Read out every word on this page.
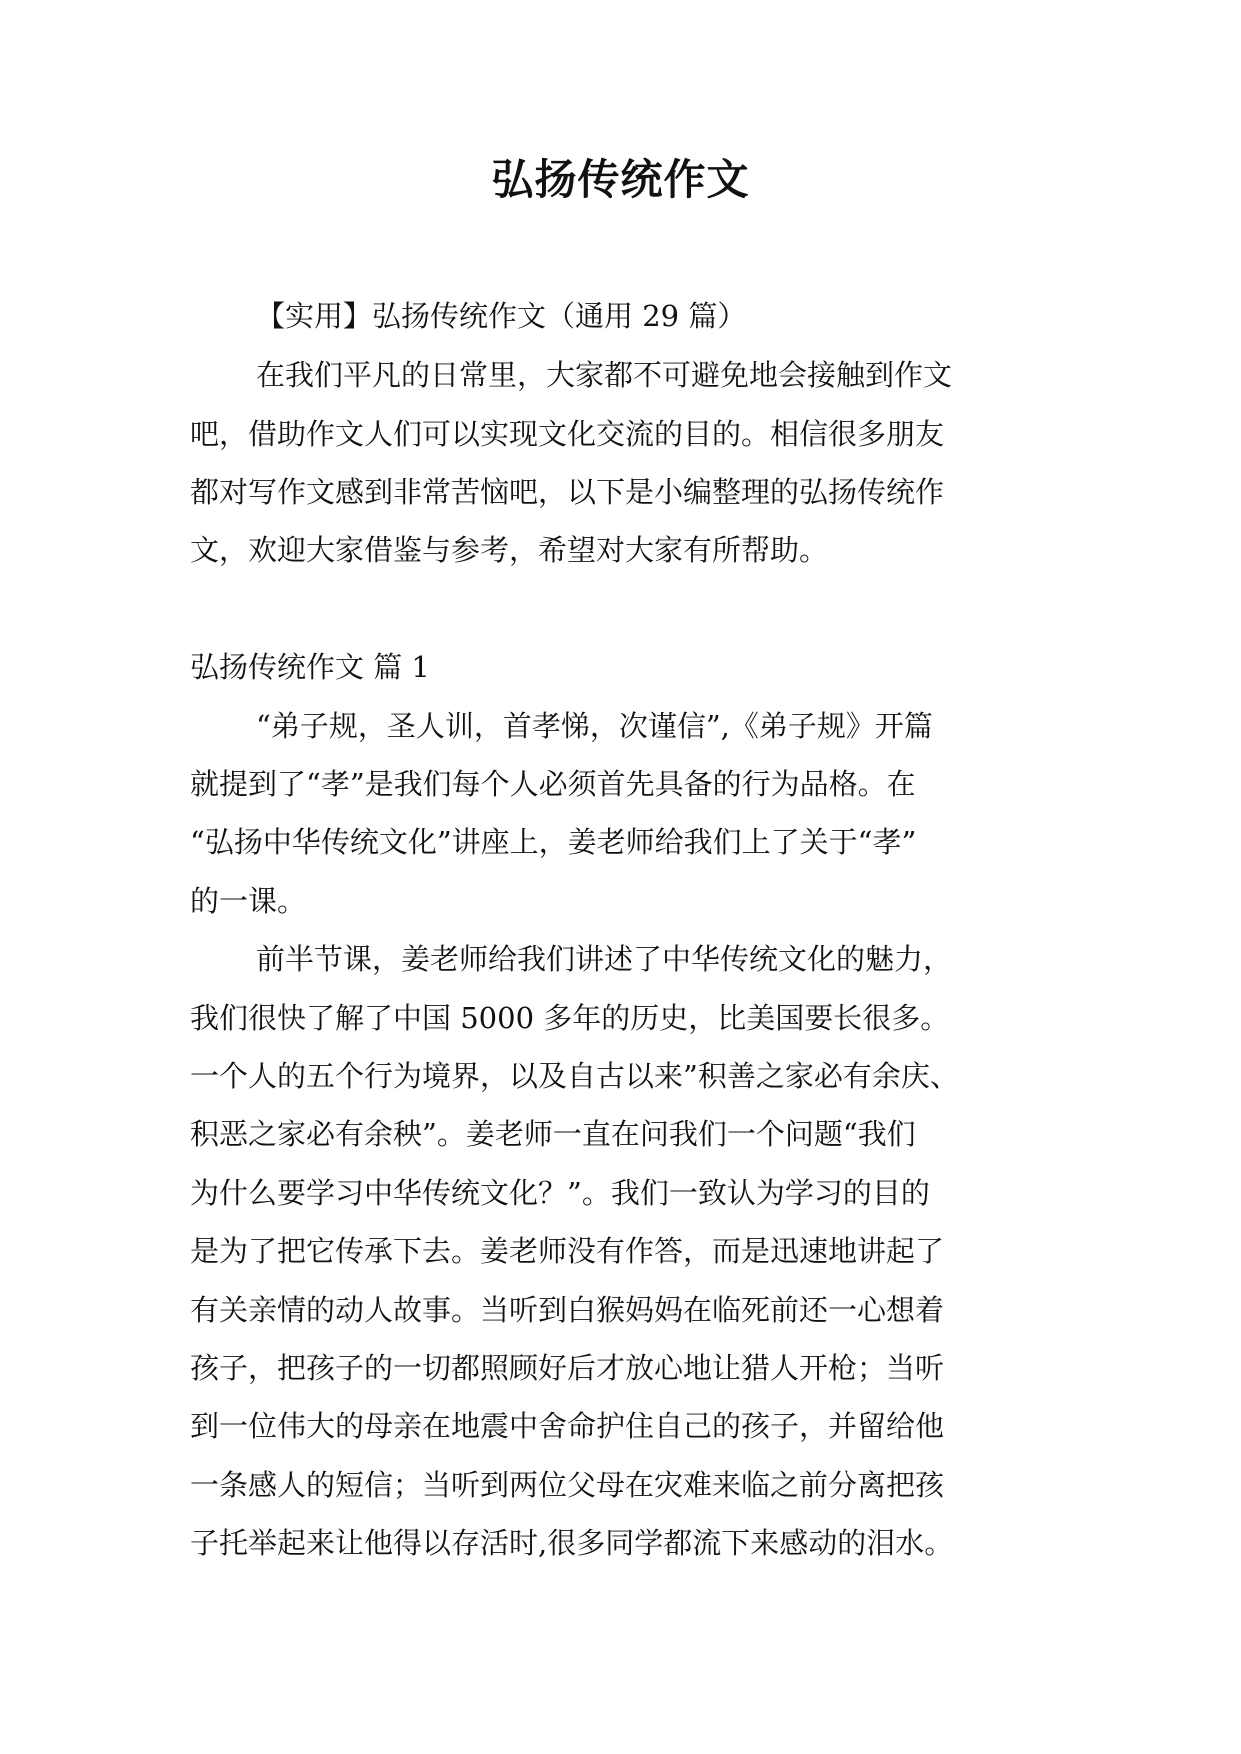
弘扬传统作文
【实用】弘扬传统作文（通用 29 篇）
在我们平凡的日常里，大家都不可避免地会接触到作文
吧，借助作文人们可以实现文化交流的目的。相信很多朋友
都对写作文感到非常苦恼吧，以下是小编整理的弘扬传统作
文，欢迎大家借鉴与参考，希望对大家有所帮助。
弘扬传统作文 篇 1
“弟子规，圣人训，首孝悌，次谨信”,《弟子规》开篇
就提到了“孝”是我们每个人必须首先具备的行为品格。在
“弘扬中华传统文化”讲座上，姜老师给我们上了关于“孝”
的一课。
前半节课，姜老师给我们讲述了中华传统文化的魅力，
我们很快了解了中国 5000 多年的历史，比美国要长很多。
一个人的五个行为境界，以及自古以来”积善之家必有余庆、
积恶之家必有余秧”。姜老师一直在问我们一个问题“我们
为什么要学习中华传统文化？”。我们一致认为学习的目的
是为了把它传承下去。姜老师没有作答，而是迅速地讲起了
有关亲情的动人故事。当听到白猴妈妈在临死前还一心想着
孩子，把孩子的一切都照顾好后才放心地让猎人开枪；当听
到一位伟大的母亲在地震中舍命护住自己的孩子，并留给他
一条感人的短信；当听到两位父母在灾难来临之前分离把孩
子托举起来让他得以存活时,很多同学都流下来感动的泪水。
